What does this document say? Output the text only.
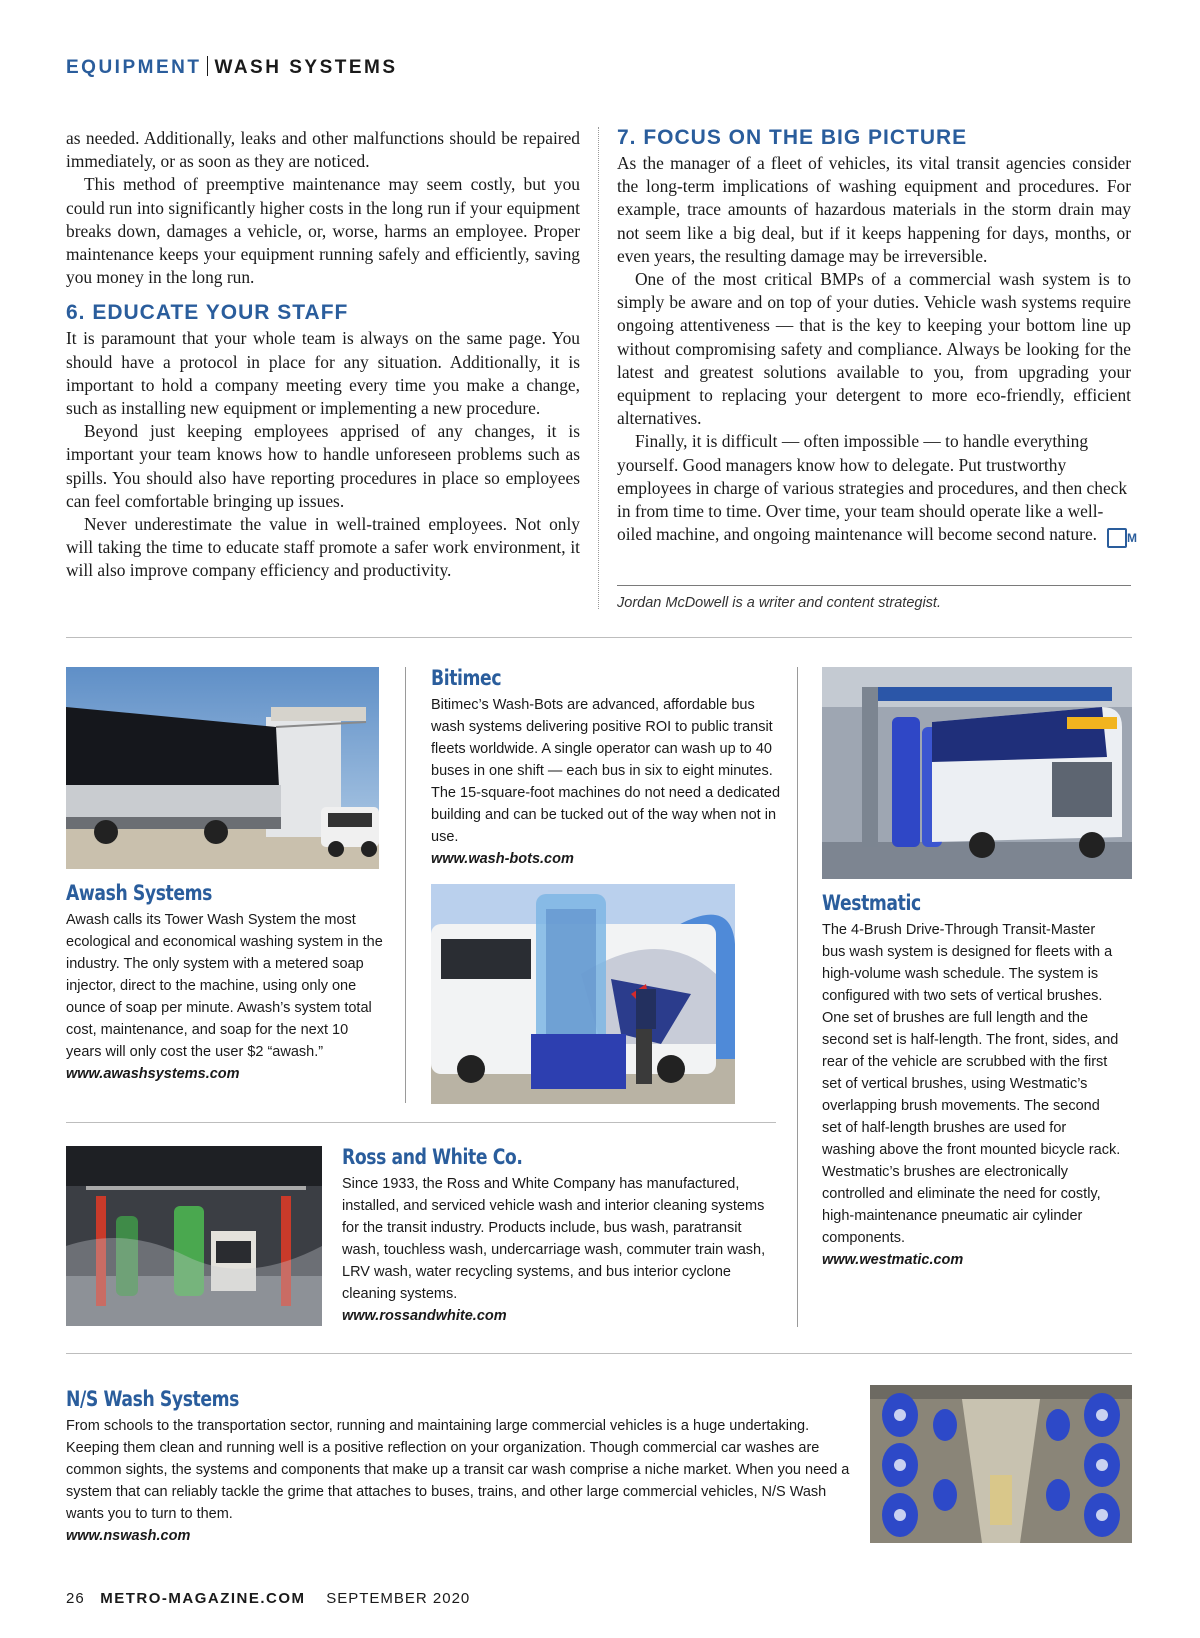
EQUIPMENT WASH SYSTEMS

as needed. Additionally, leaks and other malfunctions should be repaired immediately, or as soon as they are noticed.

This method of preemptive maintenance may seem costly, but you could run into significantly higher costs in the long run if your equipment breaks down, damages a vehicle, or, worse, harms an employee. Proper maintenance keeps your equipment running safely and efficiently, saving you money in the long run.

6. EDUCATE YOUR STAFF

It is paramount that your whole team is always on the same page. You should have a protocol in place for any situation. Additionally, it is important to hold a company meeting every time you make a change, such as installing new equipment or implementing a new procedure.

Beyond just keeping employees apprised of any changes, it is important your team knows how to handle unforeseen problems such as spills. You should also have reporting procedures in place so employees can feel comfortable bringing up issues.

Never underestimate the value in well-trained employees. Not only will taking the time to educate staff promote a safer work environment, it will also improve company efficiency and productivity.

7. FOCUS ON THE BIG PICTURE

As the manager of a fleet of vehicles, its vital transit agencies consider the long-term implications of washing equipment and procedures. For example, trace amounts of hazardous materials in the storm drain may not seem like a big deal, but if it keeps happening for days, months, or even years, the resulting damage may be irreversible.

One of the most critical BMPs of a commercial wash system is to simply be aware and on top of your duties. Vehicle wash systems require ongoing attentiveness — that is the key to keeping your bottom line up without compromising safety and compliance. Always be looking for the latest and greatest solutions available to you, from upgrading your equipment to replacing your detergent to more eco-friendly, efficient alternatives.

Finally, it is difficult — often impossible — to handle everything yourself. Good managers know how to delegate. Put trustworthy employees in charge of various strategies and procedures, and then check in from time to time. Over time, your team should operate like a well-oiled machine, and ongoing maintenance will become second nature.	M

Jordan McDowell is a writer and content strategist.
Awash Systems
Awash calls its Tower Wash System the most ecological and economical washing system in the industry. The only system with a metered soap injector, direct to the machine, using only one ounce of soap per minute. Awash’s system total cost, maintenance, and soap for the next 10 years will only cost the user $2 “awash.”
www.awashsystems.com
Bitimec
Bitimec’s Wash-Bots are advanced, affordable bus wash systems delivering positive ROI to public transit fleets worldwide. A single operator can wash up to 40 buses in one shift — each bus in six to eight minutes. The 15-square-foot machines do not need a dedicated building and can be tucked out of the way when not in use.
www.wash-bots.com
Westmatic
The 4-Brush Drive-Through Transit-Master bus wash system is designed for fleets with a high-volume wash schedule. The system is configured with two sets of vertical brushes. One set of brushes are full length and the second set is half-length. The front, sides, and rear of the vehicle are scrubbed with the first set of vertical brushes, using Westmatic’s overlapping brush movements. The second set of half-length brushes are used for washing above the front mounted bicycle rack. Westmatic’s brushes are electronically controlled and eliminate the need for costly, high-maintenance pneumatic air cylinder components.
www.westmatic.com
Ross and White Co.
Since 1933, the Ross and White Company has manufactured, installed, and serviced vehicle wash and interior cleaning systems for the transit industry. Products include, bus wash, paratransit wash, touchless wash, undercarriage wash, commuter train wash, LRV wash, water recycling systems, and bus interior cyclone cleaning systems.
www.rossandwhite.com
N/S Wash Systems
From schools to the transportation sector, running and maintaining large commercial vehicles is a huge undertaking. Keeping them clean and running well is a positive reflection on your organization. Though commercial car washes are common sights, the systems and components that make up a transit car wash comprise a niche market. When you need a system that can reliably tackle the grime that attaches to buses, trains, and other large commercial vehicles, N/S Wash wants you to turn to them.
www.nswash.com
26 METRO-MAGAZINE.COM SEPTEMBER 2020
